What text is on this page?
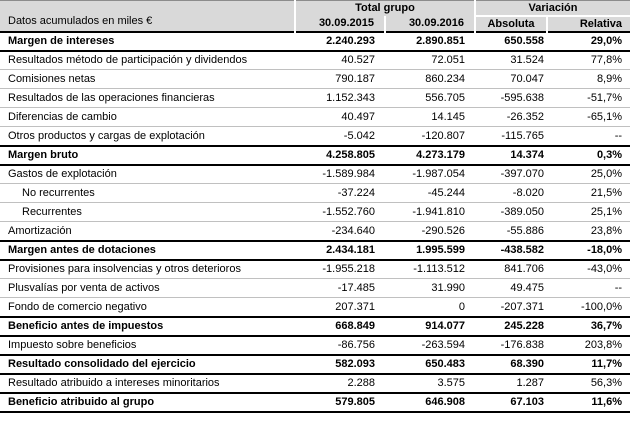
Datos acumulados en miles €	Total grupo		Variación	
	30.09.2015	30.09.2016	Absoluta	Relativa
Margen de intereses	2.240.293	2.890.851	650.558	29,0%
Resultados método de participación y dividendos	40.527	72.051	31.524	77,8%
Comisiones netas	790.187	860.234	70.047	8,9%
Resultados de las operaciones financieras	1.152.343	556.705	-595.638	-51,7%
Diferencias de cambio	40.497	14.145	-26.352	-65,1%
Otros productos y cargas de explotación	-5.042	-120.807	-115.765	--
Margen bruto	4.258.805	4.273.179	14.374	0,3%
Gastos de explotación	-1.589.984	-1.987.054	-397.070	25,0%
No recurrentes	-37.224	-45.244	-8.020	21,5%
Recurrentes	-1.552.760	-1.941.810	-389.050	25,1%
Amortización	-234.640	-290.526	-55.886	23,8%
Margen antes de dotaciones	2.434.181	1.995.599	-438.582	-18,0%
Provisiones para insolvencias y otros deterioros	-1.955.218	-1.113.512	841.706	-43,0%
Plusvalías por venta de activos	-17.485	31.990	49.475	--
Fondo de comercio negativo	207.371	0	-207.371	-100,0%
Beneficio antes de impuestos	668.849	914.077	245.228	36,7%
Impuesto sobre beneficios	-86.756	-263.594	-176.838	203,8%
Resultado consolidado del ejercicio	582.093	650.483	68.390	11,7%
Resultado atribuido a intereses minoritarios	2.288	3.575	1.287	56,3%
Beneficio atribuido al grupo	579.805	646.908	67.103	11,6%
